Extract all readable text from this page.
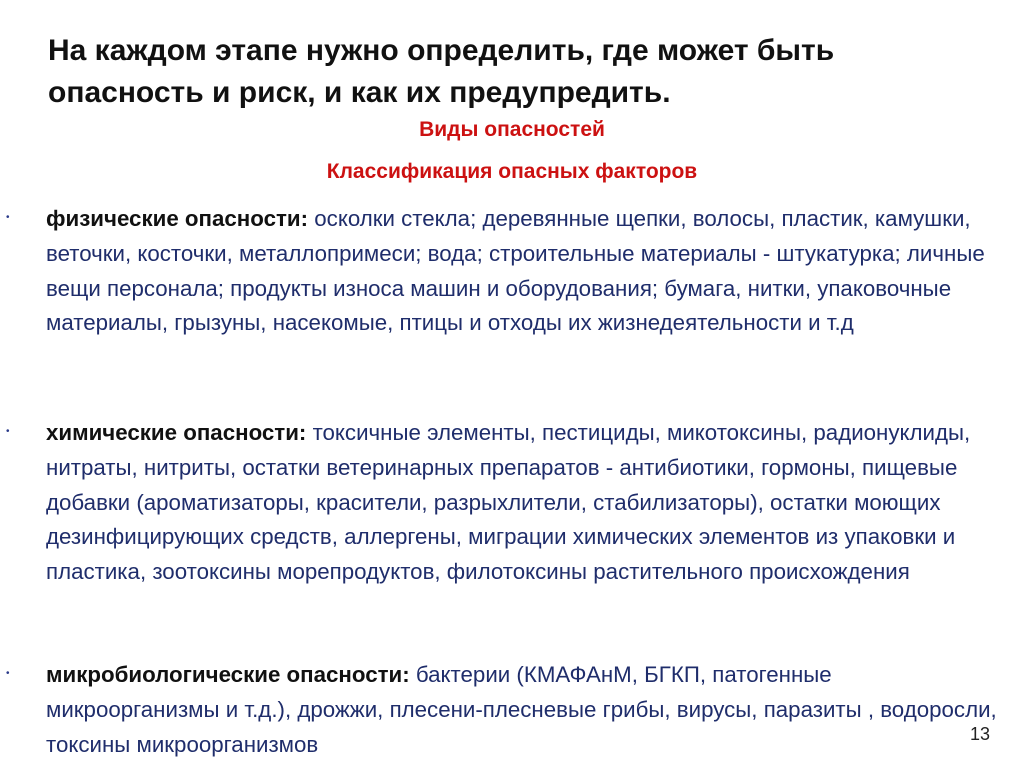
На каждом этапе нужно определить, где может быть опасность и риск, и как их предупредить.
Виды опасностей
Классификация опасных факторов
• физические опасности: осколки стекла; деревянные щепки, волосы, пластик, камушки, веточки, косточки, металлопримеси; вода; строительные материалы - штукатурка; личные вещи персонала; продукты износа машин и оборудования; бумага, нитки, упаковочные материалы, грызуны, насекомые, птицы и отходы их жизнедеятельности и т.д
• химические опасности: токсичные элементы, пестициды, микотоксины, радионуклиды, нитраты, нитриты, остатки ветеринарных препаратов - антибиотики, гормоны, пищевые добавки (ароматизаторы, красители, разрыхлители, стабилизаторы), остатки моющих дезинфицирующих средств, аллергены, миграции химических элементов из упаковки и пластика, зоотоксины морепродуктов, филотоксины растительного происхождения
• микробиологические опасности: бактерии (КМАФАнМ, БГКП, патогенные микроорганизмы и т.д.), дрожжи, плесени-плесневые грибы, вирусы, паразиты , водоросли, токсины микроорганизмов	13
